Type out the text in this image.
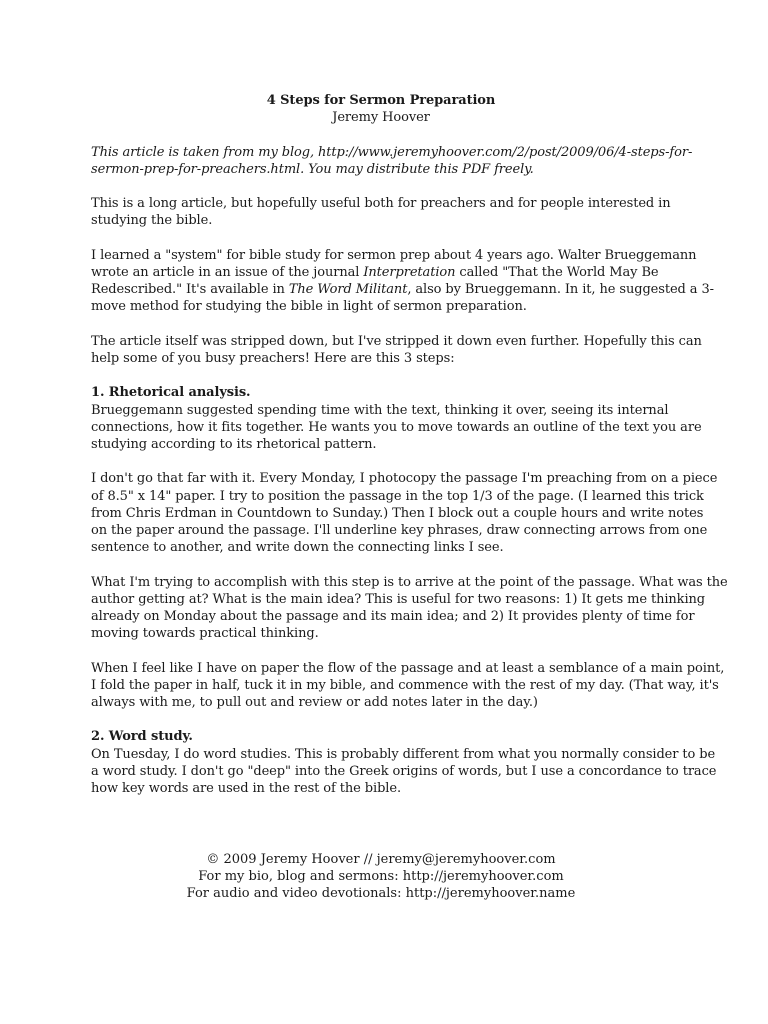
4 Steps for Sermon Preparation
Jeremy Hoover
This article is taken from my blog, http://www.jeremyhoover.com/2/post/2009/06/4-steps-for-
sermon-prep-for-preachers.html. You may distribute this PDF freely.
This is a long article, but hopefully useful both for preachers and for people interested in
studying the bible.
I learned a "system" for bible study for sermon prep about 4 years ago. Walter Brueggemann
wrote an article in an issue of the journal Interpretation called "That the World May Be
Redescribed." It's available in The Word Militant, also by Brueggemann. In it, he suggested a 3-
move method for studying the bible in light of sermon preparation.
The article itself was stripped down, but I've stripped it down even further. Hopefully this can
help some of you busy preachers! Here are this 3 steps:
1. Rhetorical analysis.
Brueggemann suggested spending time with the text, thinking it over, seeing its internal
connections, how it fits together. He wants you to move towards an outline of the text you are
studying according to its rhetorical pattern.
I don't go that far with it. Every Monday, I photocopy the passage I'm preaching from on a piece
of 8.5" x 14" paper. I try to position the passage in the top 1/3 of the page. (I learned this trick
from Chris Erdman in Countdown to Sunday.) Then I block out a couple hours and write notes
on the paper around the passage. I'll underline key phrases, draw connecting arrows from one
sentence to another, and write down the connecting links I see.
What I'm trying to accomplish with this step is to arrive at the point of the passage. What was the
author getting at? What is the main idea? This is useful for two reasons: 1) It gets me thinking
already on Monday about the passage and its main idea; and 2) It provides plenty of time for
moving towards practical thinking.
When I feel like I have on paper the flow of the passage and at least a semblance of a main point,
I fold the paper in half, tuck it in my bible, and commence with the rest of my day. (That way, it's
always with me, to pull out and review or add notes later in the day.)
2. Word study.
On Tuesday, I do word studies. This is probably different from what you normally consider to be
a word study. I don't go "deep" into the Greek origins of words, but I use a concordance to trace
how key words are used in the rest of the bible.
© 2009 Jeremy Hoover // jeremy@jeremyhoover.com
For my bio, blog and sermons: http://jeremyhoover.com
For audio and video devotionals: http://jeremyhoover.name
